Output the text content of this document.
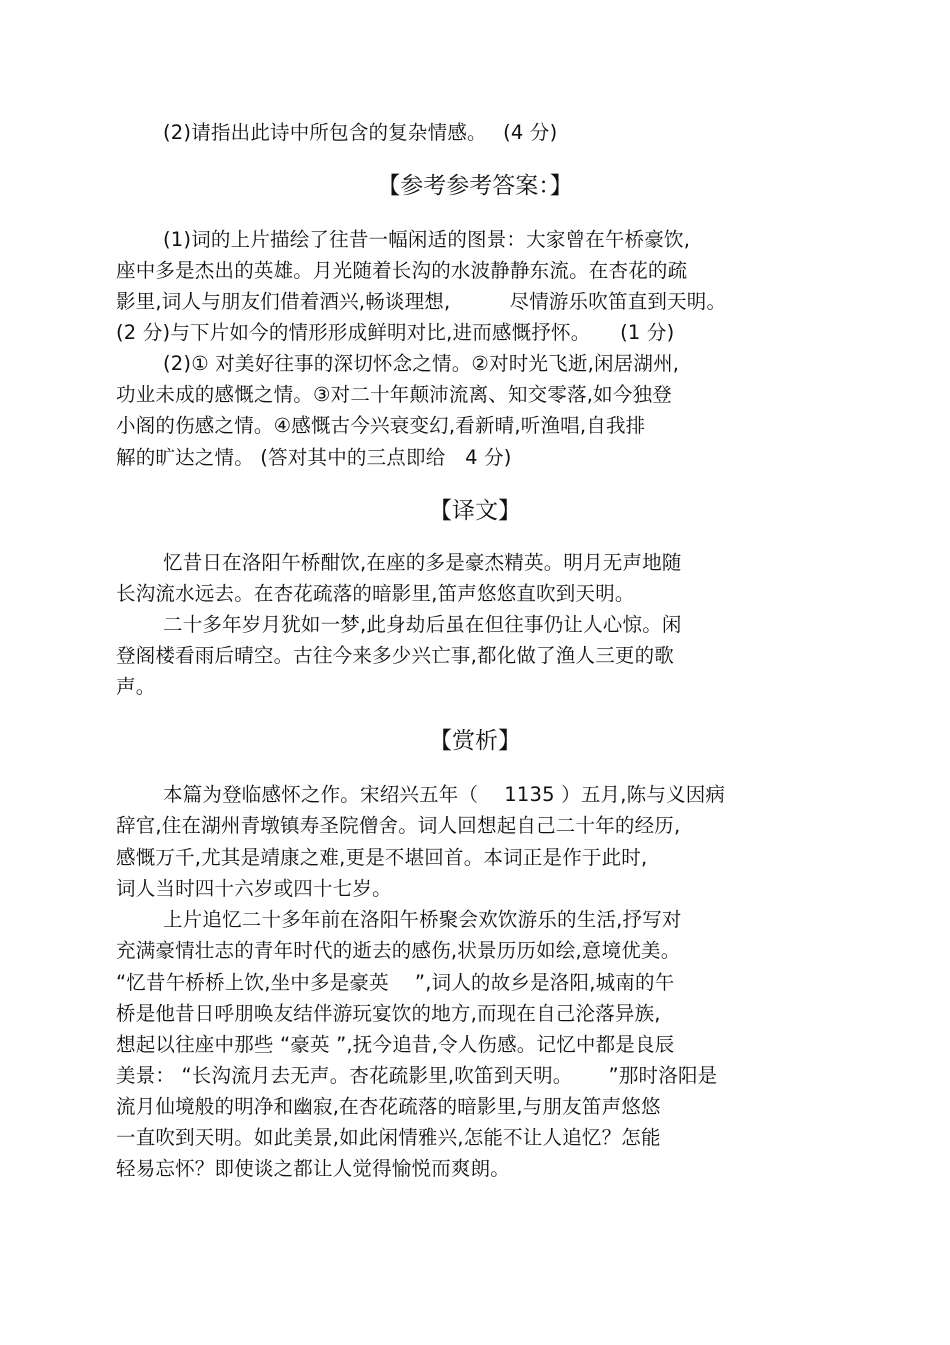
(2)请指出此诗中所包含的复杂情感。　 (4 分)
【参考参考答案：】
(1)词的上片描绘了往昔一幅闲适的图景：大家曾在午桥豪饮,
座中多是杰出的英雄。月光随着长沟的水波静静东流。在杏花的疏
影里,词人与朋友们借着酒兴,畅谈理想,　　　尽情游乐吹笛直到天明。
(2 分)与下片如今的情形形成鲜明对比,进而感慨抒怀。　　(1 分)
(2)① 对美好往事的深切怀念之情。②对时光飞逝,闲居湖州,
功业未成的感慨之情。③对二十年颠沛流离、知交零落,如今独登
小阁的伤感之情。④感慨古今兴衰变幻,看新晴,听渔唱,自我排
解的旷达之情。 (答对其中的三点即给　4 分)
【译文】
忆昔日在洛阳午桥酣饮,在座的多是豪杰精英。明月无声地随
长沟流水远去。在杏花疏落的暗影里,笛声悠悠直吹到天明。
二十多年岁月犹如一梦,此身劫后虽在但往事仍让人心惊。闲
登阁楼看雨后晴空。古往今来多少兴亡事,都化做了渔人三更的歌
声。
【赏析】
本篇为登临感怀之作。宋绍兴五年（　 1135 ）五月,陈与义因病
辞官,住在湖州青墩镇寿圣院僧舍。词人回想起自己二十年的经历,
感慨万千,尤其是靖康之难,更是不堪回首。本词正是作于此时,
词人当时四十六岁或四十七岁。
上片追忆二十多年前在洛阳午桥聚会欢饮游乐的生活,抒写对
充满豪情壮志的青年时代的逝去的感伤,状景历历如绘,意境优美。
“忆昔午桥桥上饮,坐中多是豪英　 ”,词人的故乡是洛阳,城南的午
桥是他昔日呼朋唤友结伴游玩宴饮的地方,而现在自己沦落异族,
想起以往座中那些 “豪英 ”,抚今追昔,令人伤感。记忆中都是良辰
美景： “长沟流月去无声。杏花疏影里,吹笛到天明。　　 ”那时洛阳是
流月仙境般的明净和幽寂,在杏花疏落的暗影里,与朋友笛声悠悠
一直吹到天明。如此美景,如此闲情雅兴,怎能不让人追忆？怎能
轻易忘怀？即使谈之都让人觉得愉悦而爽朗。
